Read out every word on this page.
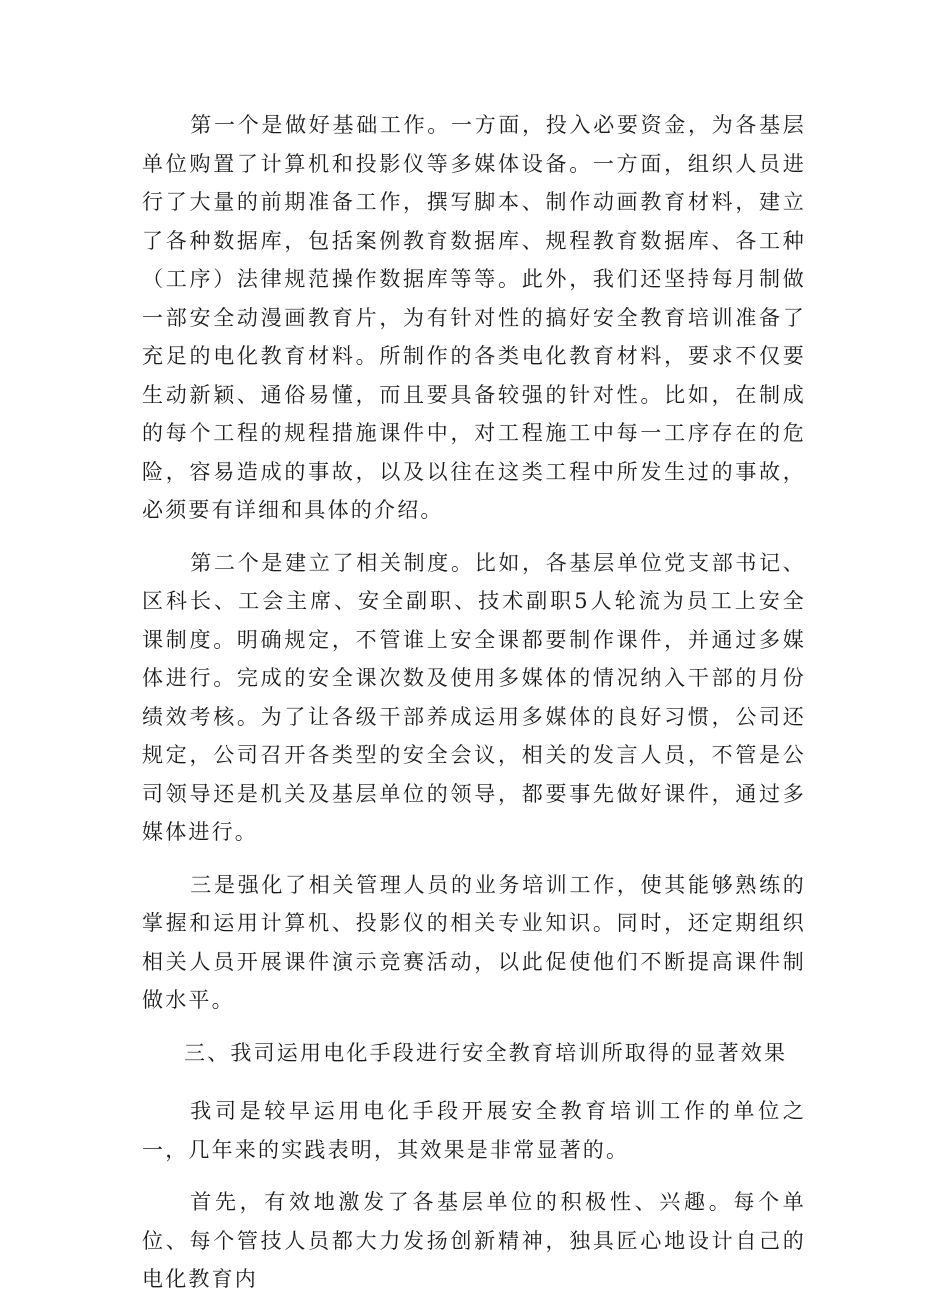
第一个是做好基础工作。一方面，投入必要资金，为各基层单位购置了计算机和投影仪等多媒体设备。一方面，组织人员进行了大量的前期准备工作，撰写脚本、制作动画教育材料，建立了各种数据库，包括案例教育数据库、规程教育数据库、各工种（工序）法律规范操作数据库等等。此外，我们还坚持每月制做一部安全动漫画教育片，为有针对性的搞好安全教育培训准备了充足的电化教育材料。所制作的各类电化教育材料，要求不仅要生动新颖、通俗易懂，而且要具备较强的针对性。比如，在制成的每个工程的规程措施课件中，对工程施工中每一工序存在的危险，容易造成的事故，以及以往在这类工程中所发生过的事故，必须要有详细和具体的介绍。

第二个是建立了相关制度。比如，各基层单位党支部书记、区科长、工会主席、安全副职、技术副职5人轮流为员工上安全课制度。明确规定，不管谁上安全课都要制作课件，并通过多媒体进行。完成的安全课次数及使用多媒体的情况纳入干部的月份绩效考核。为了让各级干部养成运用多媒体的良好习惯，公司还规定，公司召开各类型的安全会议，相关的发言人员，不管是公司领导还是机关及基层单位的领导，都要事先做好课件，通过多媒体进行。

三是强化了相关管理人员的业务培训工作，使其能够熟练的掌握和运用计算机、投影仪的相关专业知识。同时，还定期组织相关人员开展课件演示竞赛活动，以此促使他们不断提高课件制做水平。

三、我司运用电化手段进行安全教育培训所取得的显著效果

我司是较早运用电化手段开展安全教育培训工作的单位之一，几年来的实践表明，其效果是非常显著的。

首先，有效地激发了各基层单位的积极性、兴趣。每个单位、每个管技人员都大力发扬创新精神，独具匠心地设计自己的电化教育内
